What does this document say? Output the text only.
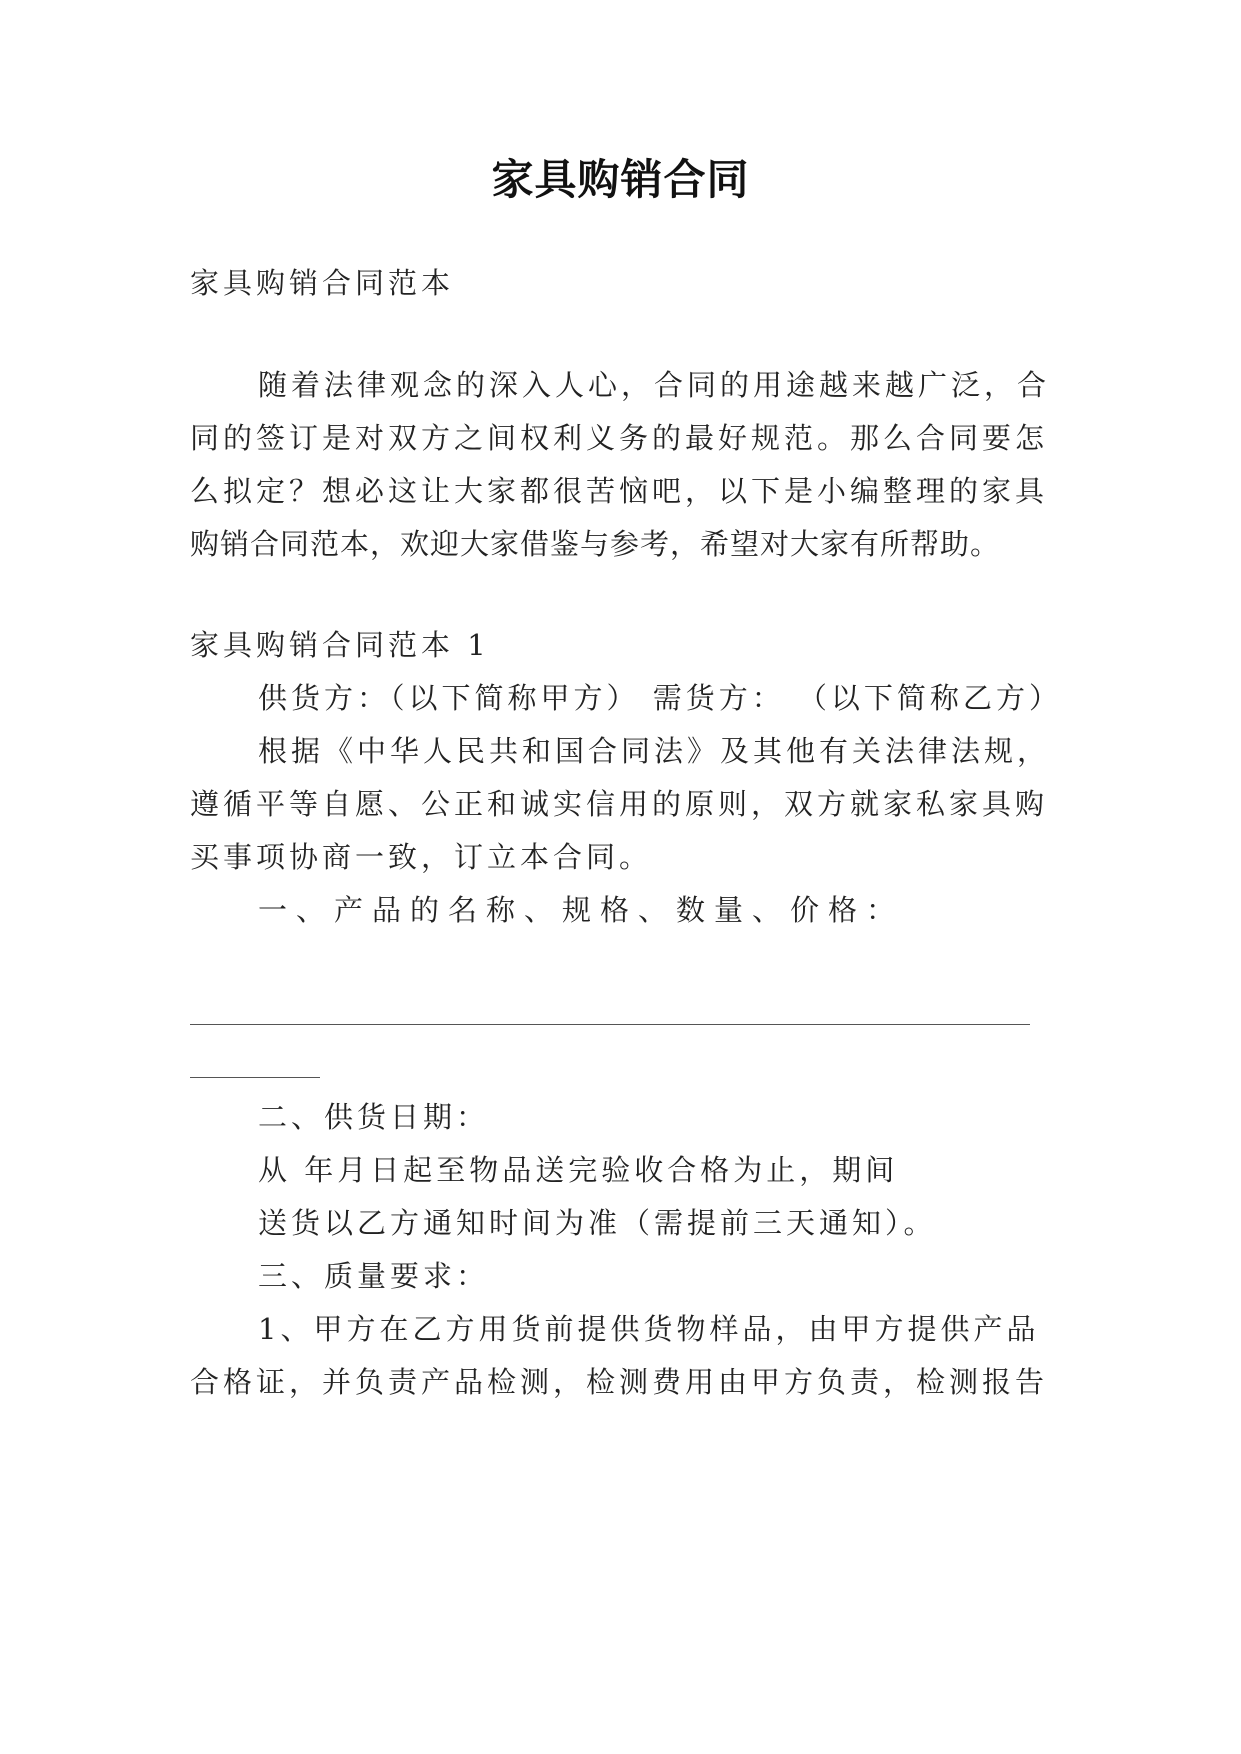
家具购销合同
家具购销合同范本
随着法律观念的深入人心，合同的用途越来越广泛，合
同的签订是对双方之间权利义务的最好规范。那么合同要怎
么拟定？想必这让大家都很苦恼吧，以下是小编整理的家具
购销合同范本，欢迎大家借鉴与参考，希望对大家有所帮助。
家具购销合同范本 1
供货方：（以下简称甲方） 需货方： （以下简称乙方）
根据《中华人民共和国合同法》及其他有关法律法规，
遵循平等自愿、公正和诚实信用的原则，双方就家私家具购
买事项协商一致，订立本合同。
一、产品的名称、规格、数量、价格：
二、供货日期：
从 年月日起至物品送完验收合格为止，期间
送货以乙方通知时间为准（需提前三天通知）。
三、质量要求：
1、甲方在乙方用货前提供货物样品，由甲方提供产品
合格证，并负责产品检测，检测费用由甲方负责，检测报告
